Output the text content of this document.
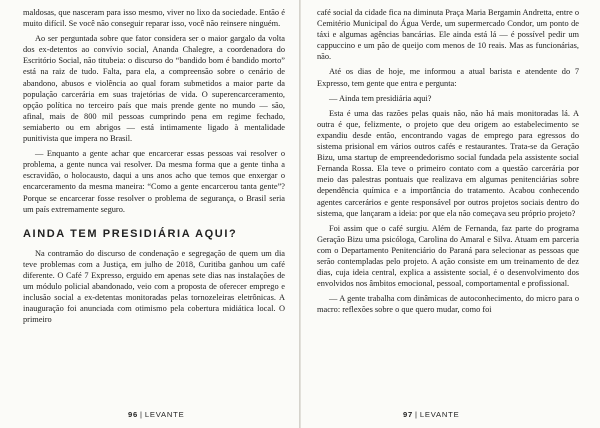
maldosas, que nasceram para isso mesmo, viver no lixo da sociedade. Então é muito difícil. Se você não conseguir reparar isso, você não reinsere ninguém.

Ao ser perguntada sobre que fator considera ser o maior gargalo da volta dos ex-detentos ao convívio social, Ananda Chalegre, a coordenadora do Escritório Social, não titubeia: o discurso do “bandido bom é bandido morto” está na raiz de tudo. Falta, para ela, a compreensão sobre o cenário de abandono, abusos e violência ao qual foram submetidos a maior parte da população carcerária em suas trajetórias de vida. O superencarceramento, opção política no terceiro país que mais prende gente no mundo — são, afinal, mais de 800 mil pessoas cumprindo pena em regime fechado, semiaberto ou em abrigos — está intimamente ligado à mentalidade punitivista que impera no Brasil.

— Enquanto a gente achar que encarcerar essas pessoas vai resolver o problema, a gente nunca vai resolver. Da mesma forma que a gente tinha a escravidão, o holocausto, daqui a uns anos acho que temos que enxergar o encarceramento da mesma maneira: “Como a gente encarcerou tanta gente”? Porque se encarcerar fosse resolver o problema de segurança, o Brasil seria um país extremamente seguro.

AINDA TEM PRESIDIÁRIA AQUI?

Na contramão do discurso de condenação e segregação de quem um dia teve problemas com a Justiça, em julho de 2018, Curitiba ganhou um café diferente. O Café 7 Expresso, erguido em apenas sete dias nas instalações de um módulo policial abandonado, veio com a proposta de oferecer emprego e inclusão social a ex-detentas monitoradas pelas tornozeleiras eletrônicas. A inauguração foi anunciada com otimismo pela cobertura midiática local. O primeiro

96 | LEVANTE

café social da cidade fica na diminuta Praça Maria Bergamin Andretta, entre o Cemitério Municipal do Água Verde, um supermercado Condor, um ponto de táxi e algumas agências bancárias. Ele ainda está lá — é possível pedir um cappuccino e um pão de queijo com menos de 10 reais. Mas as funcionárias, não.

Até os dias de hoje, me informou a atual barista e atendente do 7 Expresso, tem gente que entra e pergunta:

— Ainda tem presidiária aqui?

Esta é uma das razões pelas quais não, não há mais monitoradas lá. A outra é que, felizmente, o projeto que deu origem ao estabelecimento se expandiu desde então, encontrando vagas de emprego para egressos do sistema prisional em vários outros cafés e restaurantes. Trata-se da Geração Bizu, uma startup de empreendedorismo social fundada pela assistente social Fernanda Rossa. Ela teve o primeiro contato com a questão carcerária por meio das palestras pontuais que realizava em algumas penitenciárias sobre dependência química e a importância do tratamento. Acabou conhecendo agentes carcerários e gente responsável por outros projetos sociais dentro do sistema, que lançaram a ideia: por que ela não começava seu próprio projeto?

Foi assim que o café surgiu. Além de Fernanda, faz parte do programa Geração Bizu uma psicóloga, Carolina do Amaral e Silva. Atuam em parceria com o Departamento Penitenciário do Paraná para selecionar as pessoas que serão contempladas pelo projeto. A ação consiste em um treinamento de dez dias, cuja ideia central, explica a assistente social, é o desenvolvimento dos envolvidos nos âmbitos emocional, pessoal, comportamental e profissional.

— A gente trabalha com dinâmicas de autoconhecimento, do micro para o macro: reflexões sobre o que quero mudar, como foi

97 | LEVANTE
